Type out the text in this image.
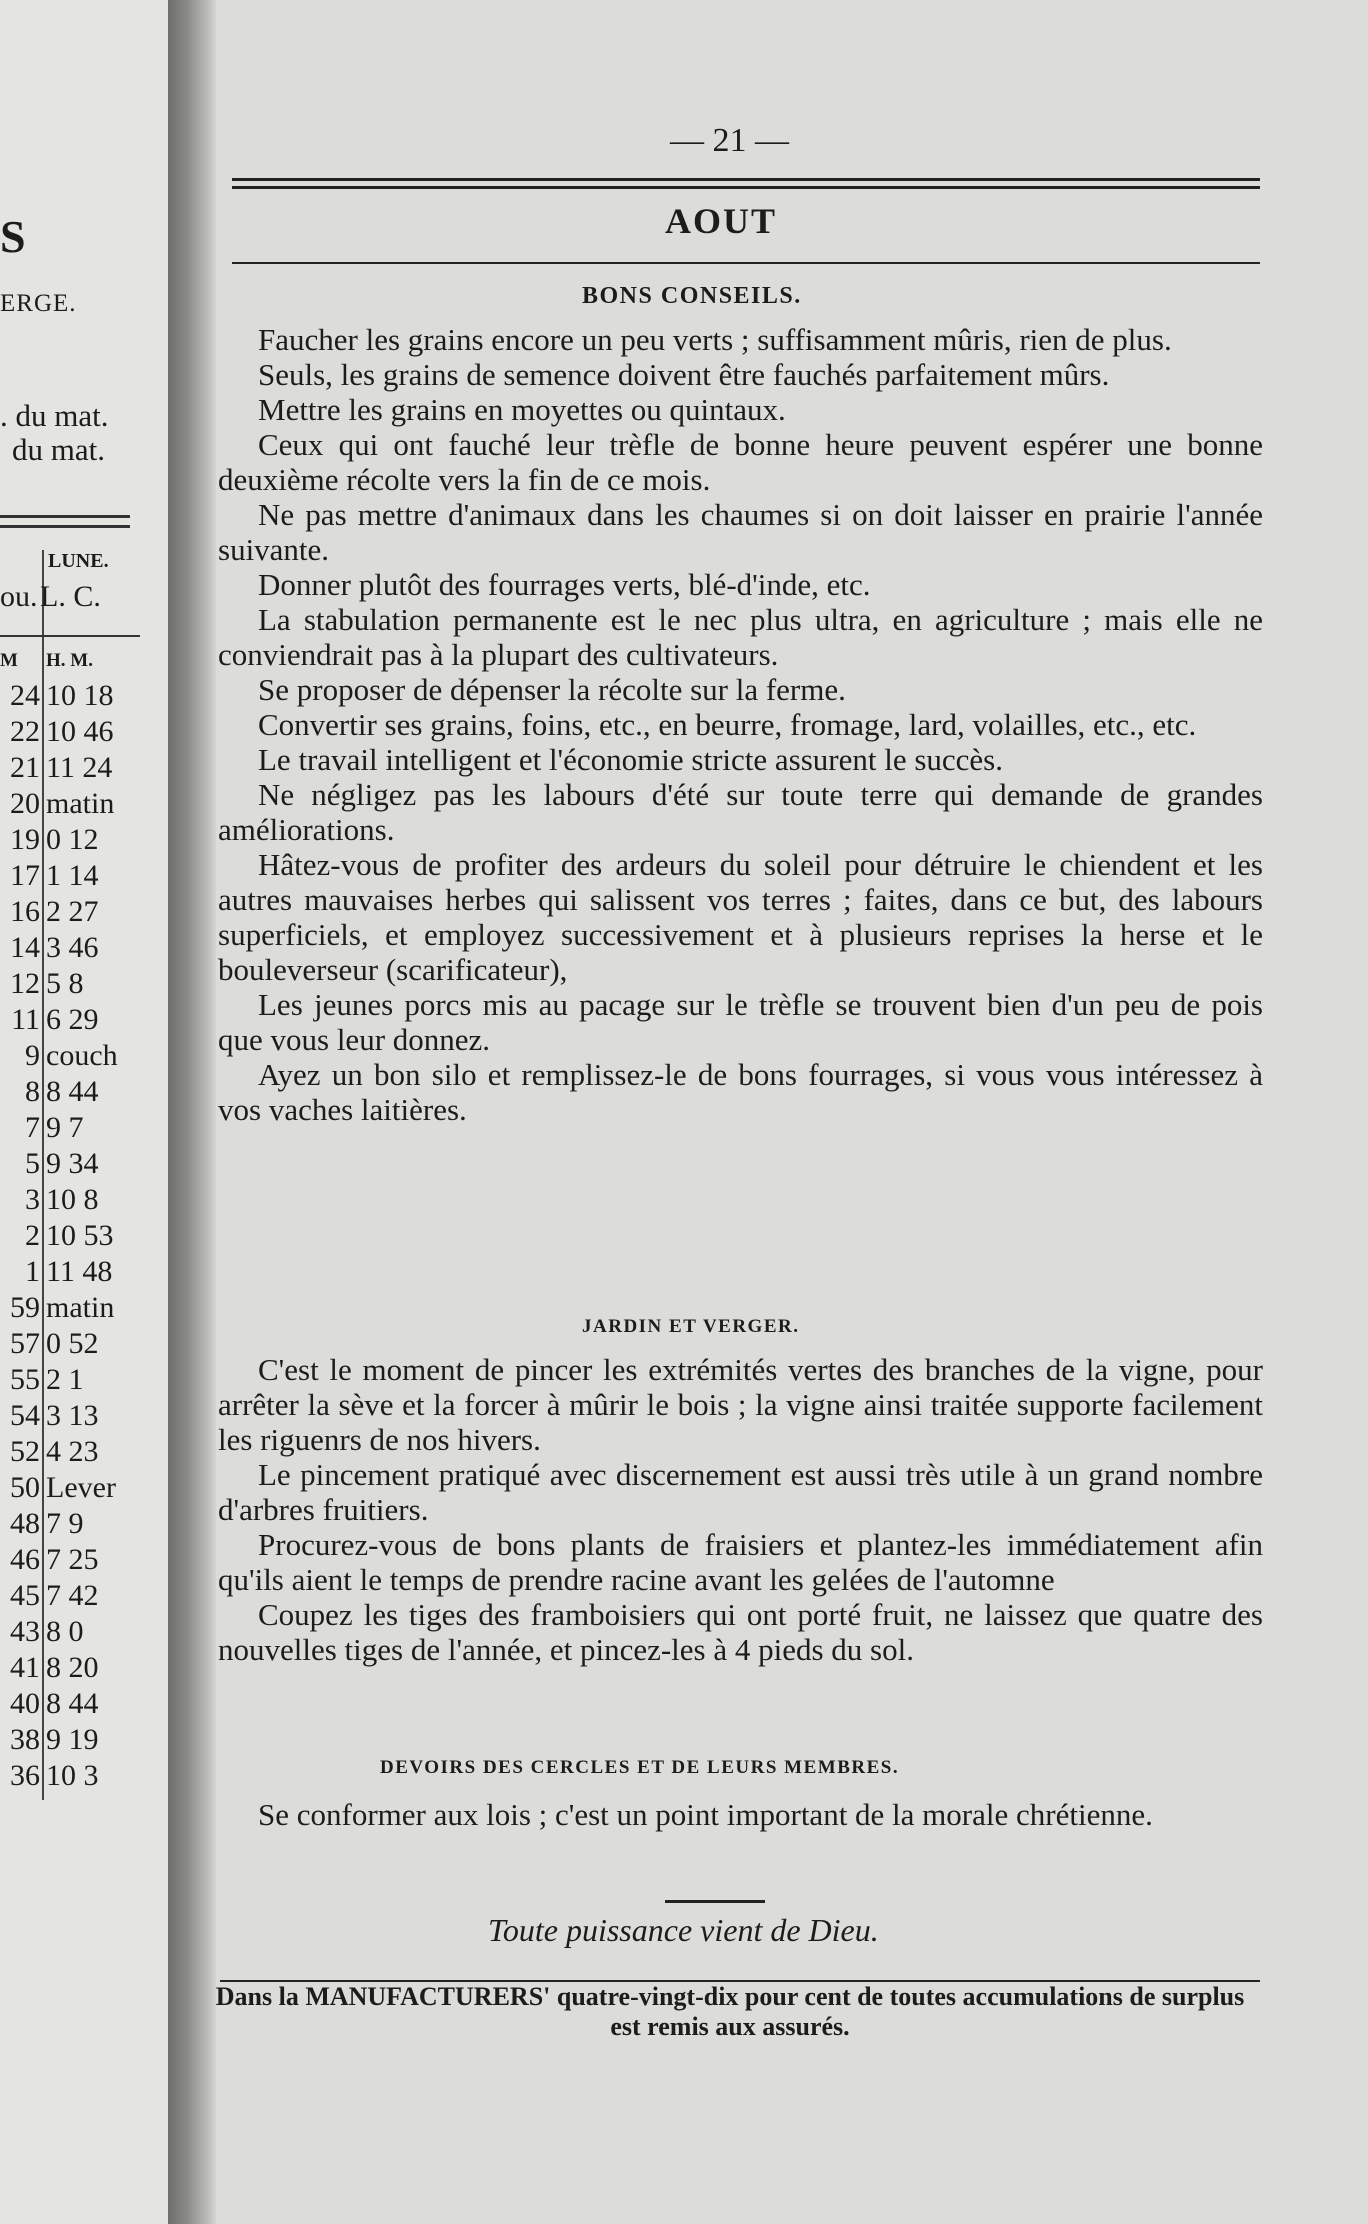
S
ERGE.
. du mat.
du mat.
LUNE.
ou. L. C.
M H. M.
24 10 18
22 10 46
21 11 24
20 matin
19 0 12
17 1 14
16 2 27
14 3 46
12 5 8
11 6 29
9 couch
8 8 44
7 9 7
5 9 34
3 10 8
2 10 53
1 11 48
59 matin
57 0 52
55 2 1
54 3 13
52 4 23
50 Lever
48 7 9
46 7 25
45 7 42
43 8 0
41 8 20
40 8 44
38 9 19
36 10 3
— 21 —
AOUT
BONS CONSEILS.
Faucher les grains encore un peu verts ; suffisamment mûris, rien de plus.
Seuls, les grains de semence doivent être fauchés parfaitement mûrs.
Mettre les grains en moyettes ou quintaux.
Ceux qui ont fauché leur trèfle de bonne heure peuvent espérer une bonne deuxième récolte vers la fin de ce mois.
Ne pas mettre d'animaux dans les chaumes si on doit laisser en prairie l'année suivante.
Donner plutôt des fourrages verts, blé-d'inde, etc.
La stabulation permanente est le nec plus ultra, en agriculture ; mais elle ne conviendrait pas à la plupart des cultivateurs.
Se proposer de dépenser la récolte sur la ferme.
Convertir ses grains, foins, etc., en beurre, fromage, lard, volailles, etc., etc.
Le travail intelligent et l'économie stricte assurent le succès.
Ne négligez pas les labours d'été sur toute terre qui demande de grandes améliorations.
Hâtez-vous de profiter des ardeurs du soleil pour détruire le chiendent et les autres mauvaises herbes qui salissent vos terres ; faites, dans ce but, des labours superficiels, et employez successivement et à plusieurs reprises la herse et le bouleverseur (scarificateur),
Les jeunes porcs mis au pacage sur le trèfle se trouvent bien d'un peu de pois que vous leur donnez.
Ayez un bon silo et remplissez-le de bons fourrages, si vous vous intéressez à vos vaches laitières.
JARDIN ET VERGER.
C'est le moment de pincer les extrémités vertes des branches de la vigne, pour arrêter la sève et la forcer à mûrir le bois ; la vigne ainsi traitée supporte facilement les riguenrs de nos hivers.
Le pincement pratiqué avec discernement est aussi très utile à un grand nombre d'arbres fruitiers.
Procurez-vous de bons plants de fraisiers et plantez-les immédiatement afin qu'ils aient le temps de prendre racine avant les gelées de l'automne
Coupez les tiges des framboisiers qui ont porté fruit, ne laissez que quatre des nouvelles tiges de l'année, et pincez-les à 4 pieds du sol.
DEVOIRS DES CERCLES ET DE LEURS MEMBRES.
Se conformer aux lois ; c'est un point important de la morale chrétienne.
Toute puissance vient de Dieu.
Dans la MANUFACTURERS' quatre-vingt-dix pour cent de toutes accumulations de surplus est remis aux assurés.
